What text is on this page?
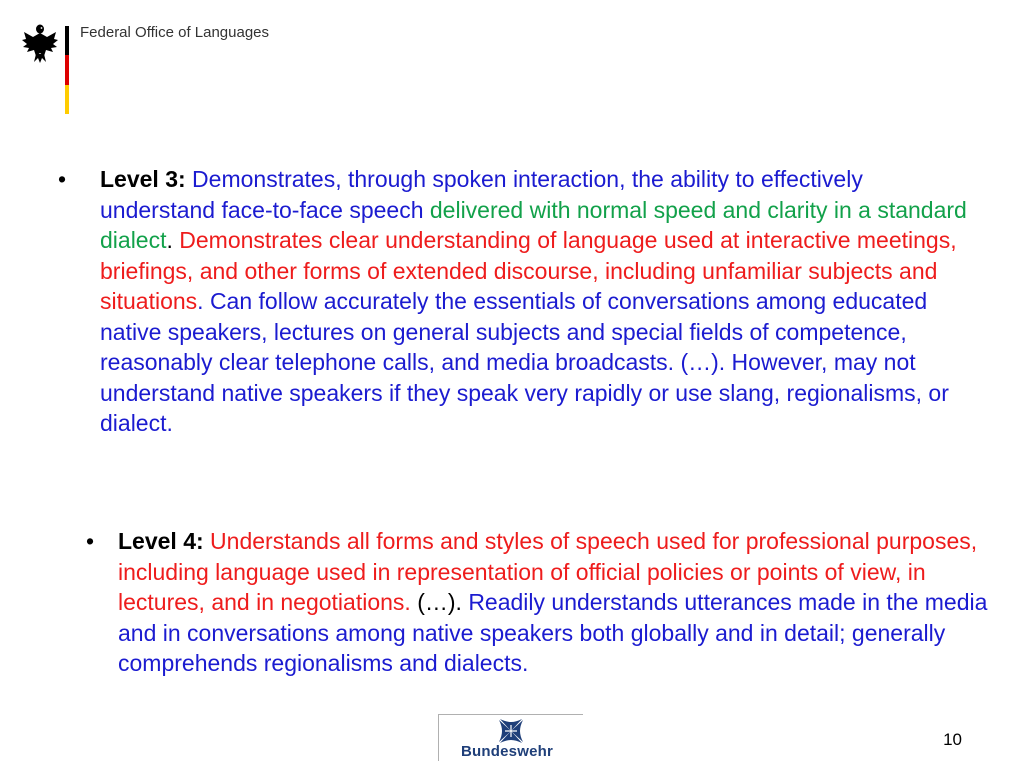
Federal Office of Languages
• Level 3: Demonstrates, through spoken interaction, the ability to effectively understand face-to-face speech delivered with normal speed and clarity in a standard dialect. Demonstrates clear understanding of language used at interactive meetings, briefings, and other forms of extended discourse, including unfamiliar subjects and situations. Can follow accurately the essentials of conversations among educated native speakers, lectures on general subjects and special fields of competence, reasonably clear telephone calls, and media broadcasts. (…). However, may not understand native speakers if they speak very rapidly or use slang, regionalisms, or dialect.
• Level 4: Understands all forms and styles of speech used for professional purposes, including language used in representation of official policies or points of view, in lectures, and in negotiations. (…). Readily understands utterances made in the media and in conversations among native speakers both globally and in detail; generally comprehends regionalisms and dialects.
Bundeswehr
10
